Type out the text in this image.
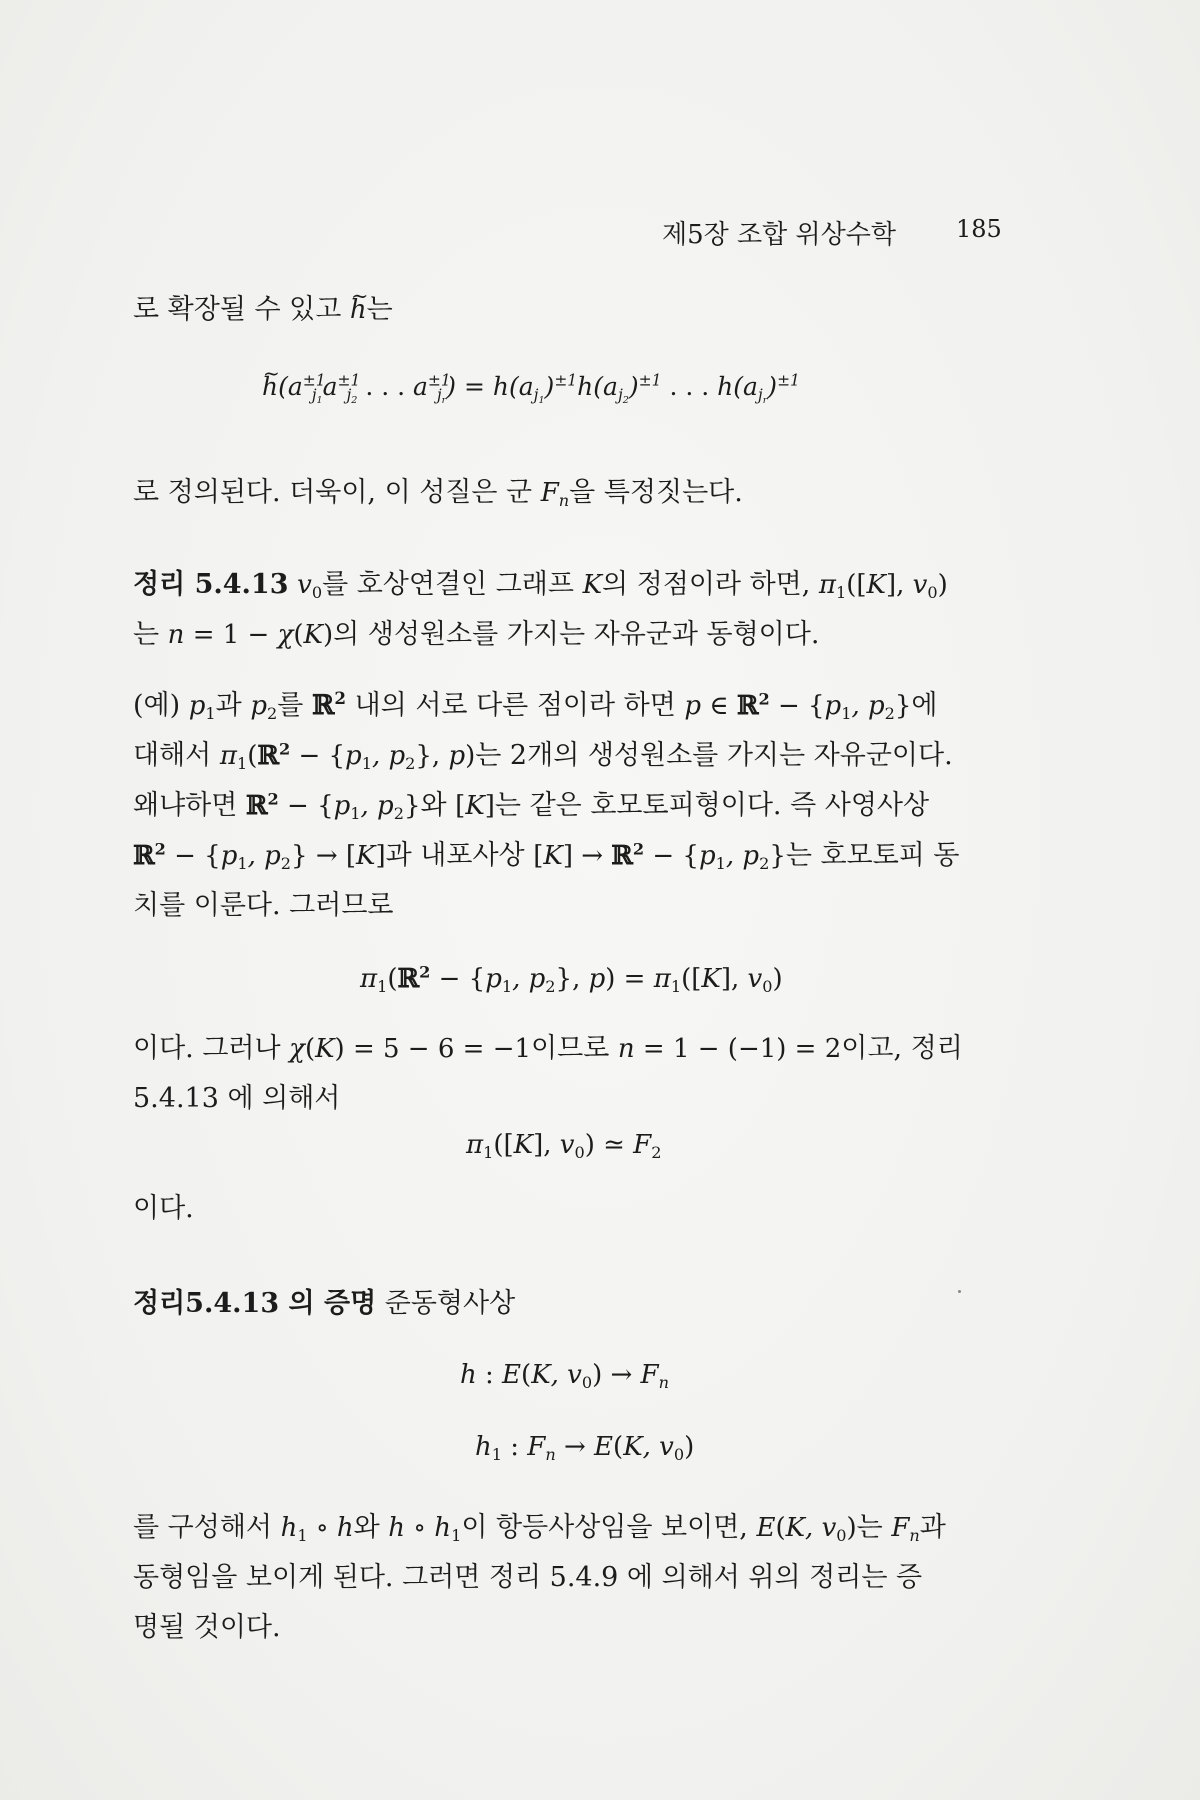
제5장 조합 위상수학	185
로 확장될 수 있고 ~ h는
~ $h(a^{\pm 1}_{j_1}a^{\pm 1}_{j_2}$ . . . $a^{\pm 1}_{j_r}) = h(a_{j_1})^{\pm 1}h(a_{j_2})^{\pm 1}$ . . . $h(a_{j_r})^{\pm 1}$
로 정의된다. 더욱이, 이 성질은 군 $F_n$을 특정짓는다.
정리 5.4.13 $v_0$를 호상연결인 그래프 K의 정점이라 하면, $\pi_1([K]$, $v_0$)
는 n = 1 − χ(K)의 생성원소를 가지는 자유군과 동형이다.
(예) $p_1$과 $p_2$를 ℝ$^2$ 내의 서로 다른 점이라 하면 p ∈ ℝ$^2$ − {$p_1$, $p_2$}에
대해서 $\pi_1(ℝ^2 - \{p_1$, $p_2$}, p)는 2개의 생성원소를 가지는 자유군이다.
왜냐하면 ℝ$^2$ − {$p_1$, $p_2$}와 [K]는 같은 호모토피형이다. 즉 사영사상
ℝ$^2$ − {$p_1$, $p_2\} \to [K]$과 내포사상 [K] → ℝ$^2$ − {$p_1$, $p_2$}는 호모토피 동
치를 이룬다. 그러므로
$\pi_1(ℝ^2 - \{p_1$, $p_2$}, $p) = \pi_1([K]$, $v_0$)
이다. 그러나 χ(K) = 5 − 6 = −1이므로 n = 1 − (−1) = 2이고, 정리
5.4.13 에 의해서
$\pi_1([K]$, $v_0$) ≃ $F_2$
이다.
정리5.4.13 의 증명 준동형사상
h : E(K, $v_0) \to F_n$
$h_1$ : $F_n \to E(K$, $v_0$)
를 구성해서 $h_1$ ∘ h와 h ∘ $h_1$이 항등사상임을 보이면, E(K, $v_0$)는 $F_n$과
동형임을 보이게 된다. 그러면 정리 5.4.9 에 의해서 위의 정리는 증
명될 것이다.
